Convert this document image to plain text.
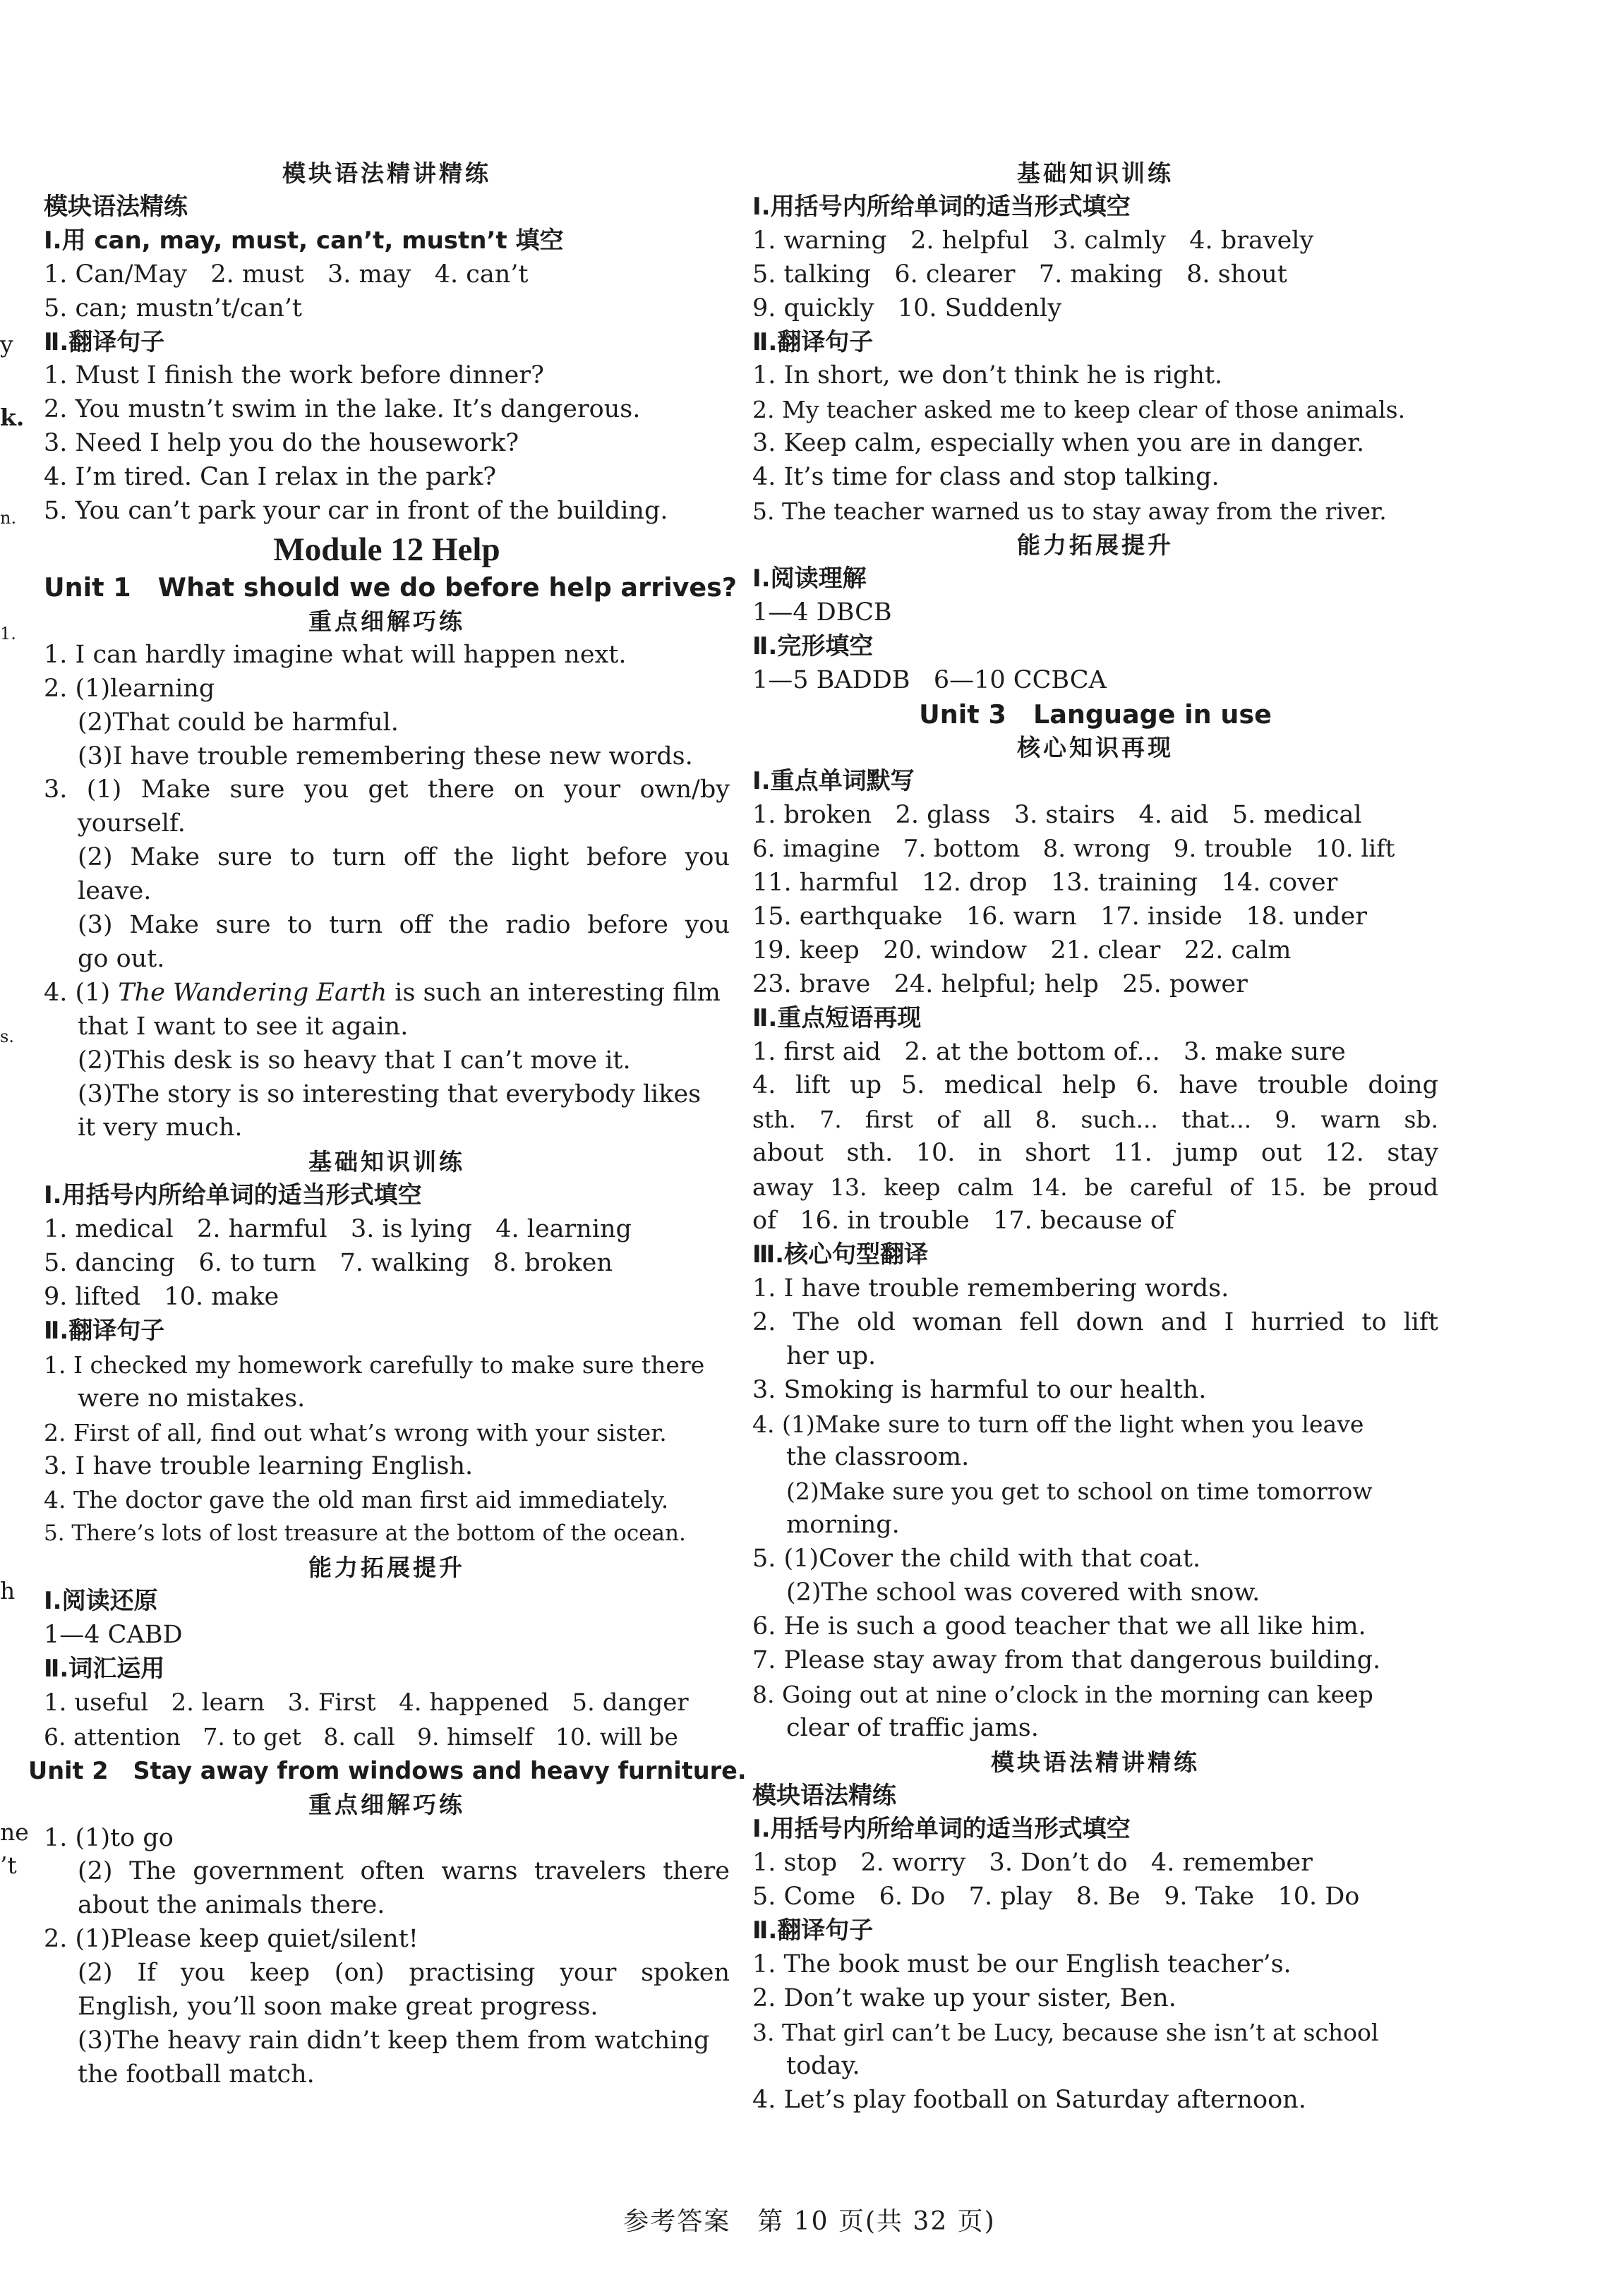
y
k.
n.
1.
s.
h
ne
’t
模块语法精讲精练
模块语法精练
Ⅰ.用 can, may, must, can’t, mustn’t 填空
1. Can/May   2. must   3. may   4. can’t
5. can; mustn’t/can’t
Ⅱ.翻译句子
1. Must I finish the work before dinner?
2. You mustn’t swim in the lake. It’s dangerous.
3. Need I help you do the housework?
4. I’m tired. Can I relax in the park?
5. You can’t park your car in front of the building.
Module 12 Help
Unit 1   What should we do before help arrives?
重点细解巧练
1. I can hardly imagine what will happen next.
2. (1)learning
(2)That could be harmful.
(3)I have trouble remembering these new words.
3. (1) Make sure you get there on your own/by
yourself.
(2) Make sure to turn off the light before you
leave.
(3) Make sure to turn off the radio before you
go out.
4. (1) The Wandering Earth is such an interesting film
that I want to see it again.
(2)This desk is so heavy that I can’t move it.
(3)The story is so interesting that everybody likes
it very much.
基础知识训练
Ⅰ.用括号内所给单词的适当形式填空
1. medical   2. harmful   3. is lying   4. learning
5. dancing   6. to turn   7. walking   8. broken
9. lifted   10. make
Ⅱ.翻译句子
1. I checked my homework carefully to make sure there
were no mistakes.
2. First of all, find out what’s wrong with your sister.
3. I have trouble learning English.
4. The doctor gave the old man first aid immediately.
5. There’s lots of lost treasure at the bottom of the ocean.
能力拓展提升
Ⅰ.阅读还原
1—4 CABD
Ⅱ.词汇运用
1. useful   2. learn   3. First   4. happened   5. danger
6. attention   7. to get   8. call   9. himself   10. will be
Unit 2   Stay away from windows and heavy furniture.
重点细解巧练
1. (1)to go
(2) The government often warns travelers there
about the animals there.
2. (1)Please keep quiet/silent!
(2) If you keep (on) practising your spoken
English, you’ll soon make great progress.
(3)The heavy rain didn’t keep them from watching
the football match.
基础知识训练
Ⅰ.用括号内所给单词的适当形式填空
1. warning   2. helpful   3. calmly   4. bravely
5. talking   6. clearer   7. making   8. shout
9. quickly   10. Suddenly
Ⅱ.翻译句子
1. In short, we don’t think he is right.
2. My teacher asked me to keep clear of those animals.
3. Keep calm, especially when you are in danger.
4. It’s time for class and stop talking.
5. The teacher warned us to stay away from the river.
能力拓展提升
Ⅰ.阅读理解
1—4 DBCB
Ⅱ.完形填空
1—5 BADDB   6—10 CCBCA
Unit 3   Language in use
核心知识再现
Ⅰ.重点单词默写
1. broken   2. glass   3. stairs   4. aid   5. medical
6. imagine   7. bottom   8. wrong   9. trouble   10. lift
11. harmful   12. drop   13. training   14. cover
15. earthquake   16. warn   17. inside   18. under
19. keep   20. window   21. clear   22. calm
23. brave   24. helpful; help   25. power
Ⅱ.重点短语再现
1. first aid   2. at the bottom of...   3. make sure
4. lift up 5. medical help 6. have trouble doing
sth. 7. first of all 8. such... that... 9. warn sb.
about sth. 10. in short 11. jump out 12. stay
away 13. keep calm 14. be careful of 15. be proud
of   16. in trouble   17. because of
Ⅲ.核心句型翻译
1. I have trouble remembering words.
2. The old woman fell down and I hurried to lift
her up.
3. Smoking is harmful to our health.
4. (1)Make sure to turn off the light when you leave
the classroom.
(2)Make sure you get to school on time tomorrow
morning.
5. (1)Cover the child with that coat.
(2)The school was covered with snow.
6. He is such a good teacher that we all like him.
7. Please stay away from that dangerous building.
8. Going out at nine o’clock in the morning can keep
clear of traffic jams.
模块语法精讲精练
模块语法精练
Ⅰ.用括号内所给单词的适当形式填空
1. stop   2. worry   3. Don’t do   4. remember
5. Come   6. Do   7. play   8. Be   9. Take   10. Do
Ⅱ.翻译句子
1. The book must be our English teacher’s.
2. Don’t wake up your sister, Ben.
3. That girl can’t be Lucy, because she isn’t at school
today.
4. Let’s play football on Saturday afternoon.
参考答案　第 10 页(共 32 页)
